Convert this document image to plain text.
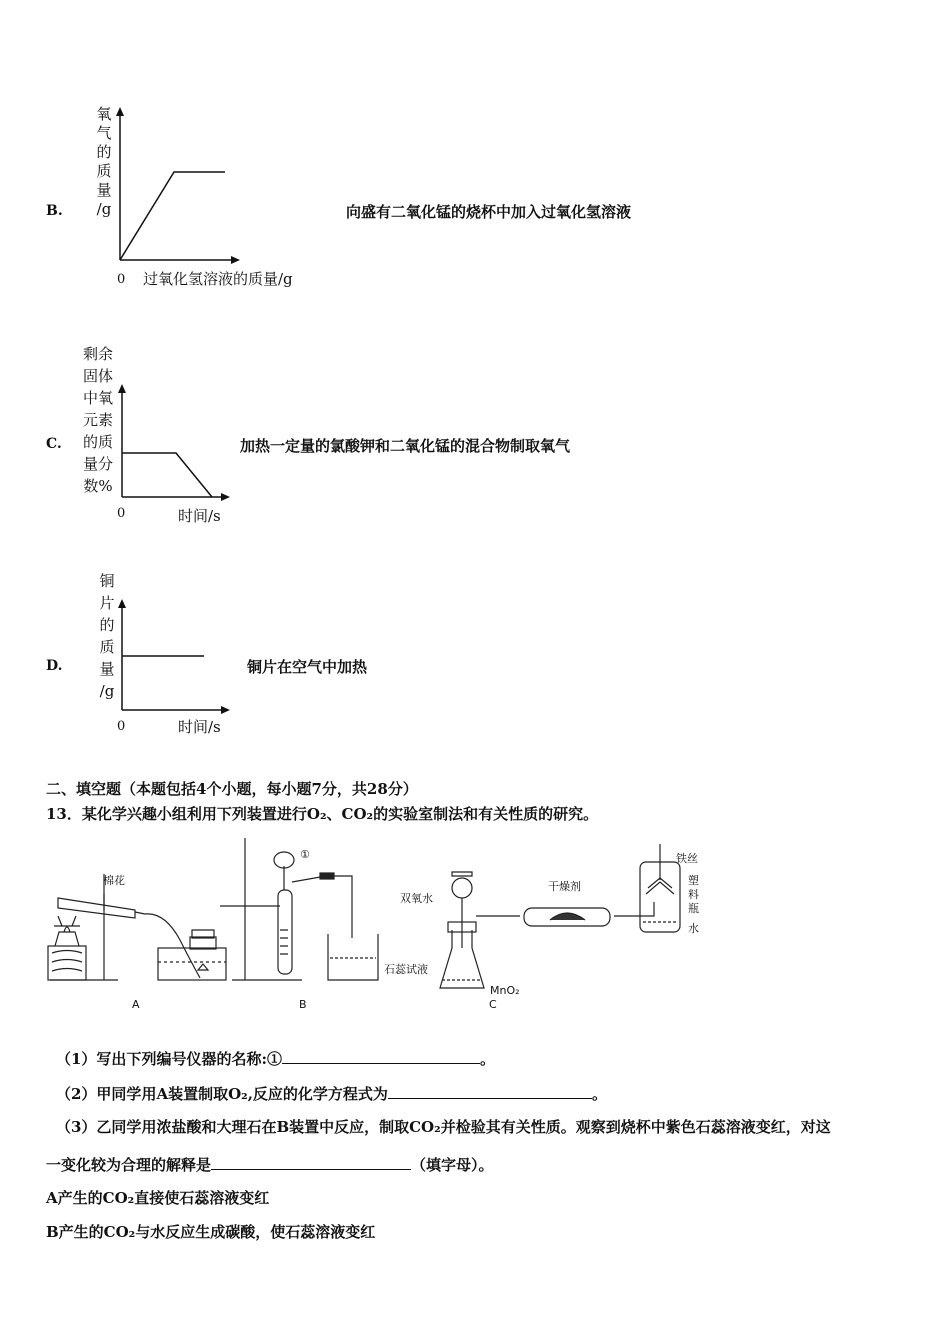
B.
氧
气
的
质
量
/g
0 过氧化氢溶液的质量/g
向盛有二氧化锰的烧杯中加入过氧化氢溶液
C.
剩余
固体
中氧
元素
的质
量分
数%
0	时间/s
加热一定量的氯酸钾和二氧化锰的混合物制取氧气
D.
铜
片
的
质
量
/g
0	时间/s
铜片在空气中加热
二、填空题（本题包括4个小题，每小题7分，共28分）
13．某化学兴趣小组利用下列装置进行O₂、CO₂的实验室制法和有关性质的研究。
棉花
①
石蕊试液
双氧水
干燥剂
MnO₂
铁丝
塑料瓶
水
A	B	C
（1）写出下列编号仪器的名称:①	。
（2）甲同学用A装置制取O₂,反应的化学方程式为	。
（3）乙同学用浓盐酸和大理石在B装置中反应，制取CO₂并检验其有关性质。观察到烧杯中紫色石蕊溶液变红，对这
一变化较为合理的解释是	（填字母）。
A产生的CO₂直接使石蕊溶液变红
B产生的CO₂与水反应生成碳酸，使石蕊溶液变红
